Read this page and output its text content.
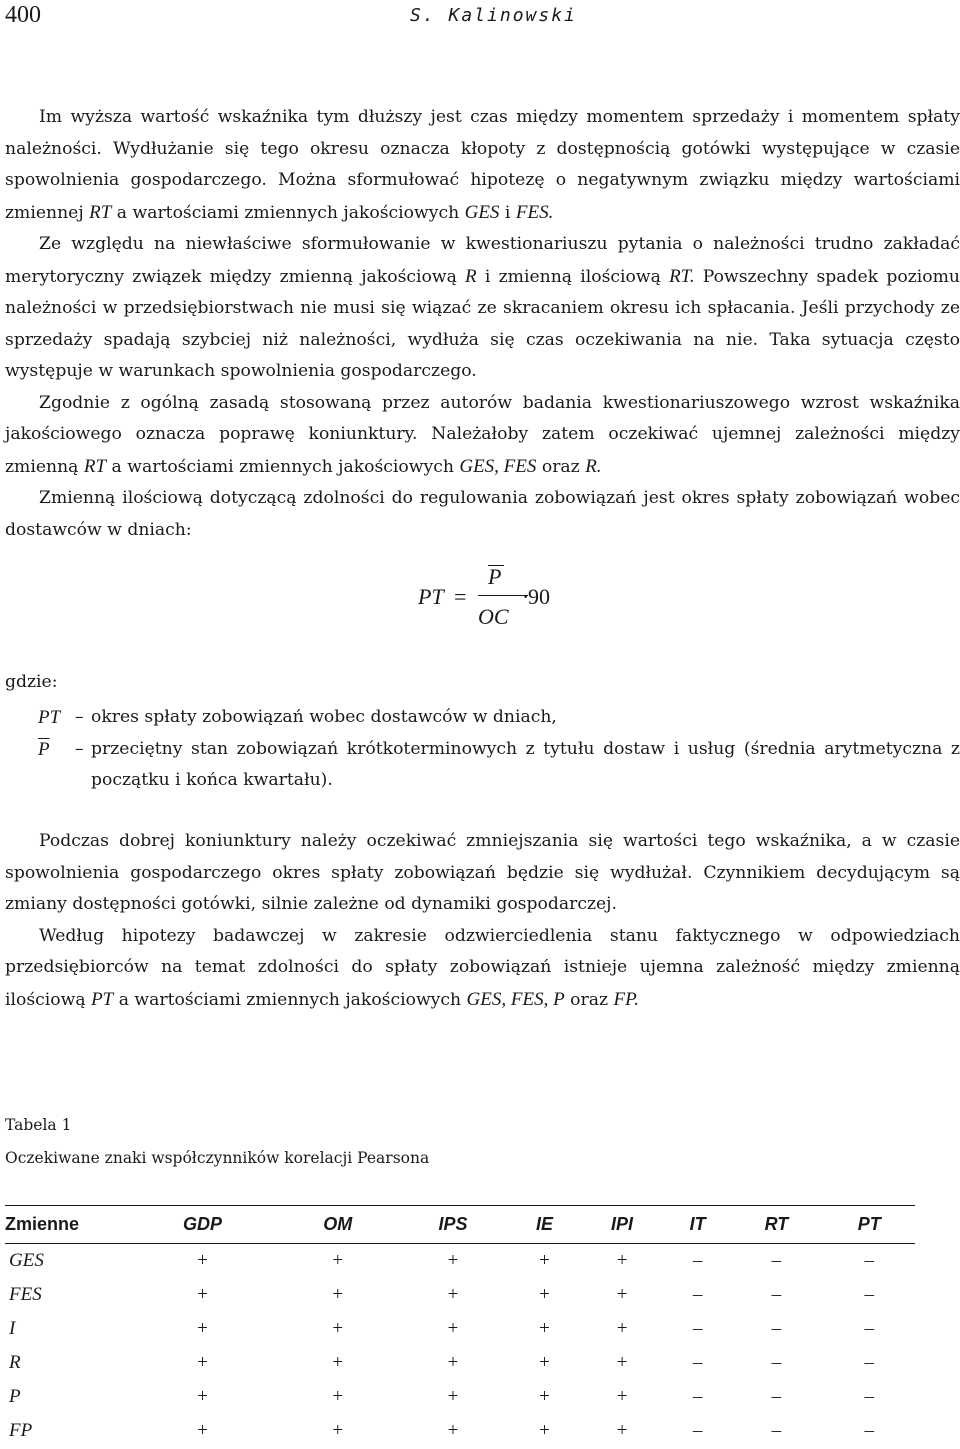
400	S. Kalinowski

Im wyższa wartość wskaźnika tym dłuższy jest czas między momentem sprzedaży i momentem spłaty należności. Wydłużanie się tego okresu oznacza kłopoty z dostępnością gotówki występujące w czasie spowolnienia gospodarczego. Można sformułować hipotezę o negatywnym związku między wartościami zmiennej RT a wartościami zmiennych jakościowych GES i FES.

Ze względu na niewłaściwe sformułowanie w kwestionariuszu pytania o należności trudno zakładać merytoryczny związek między zmienną jakościową R i zmienną ilościową RT. Powszechny spadek poziomu należności w przedsiębiorstwach nie musi się wiązać ze skracaniem okresu ich spłacania. Jeśli przychody ze sprzedaży spadają szybciej niż należności, wydłuża się czas oczekiwania na nie. Taka sytuacja często występuje w warunkach spowolnienia gospodarczego.

Zgodnie z ogólną zasadą stosowaną przez autorów badania kwestionariuszowego wzrost wskaźnika jakościowego oznacza poprawę koniunktury. Należałoby zatem oczekiwać ujemnej zależności między zmienną RT a wartościami zmiennych jakościowych GES, FES oraz R.

Zmienną ilościową dotyczącą zdolności do regulowania zobowiązań jest okres spłaty zobowiązań wobec dostawców w dniach:

PT =
P
OC
·
90
gdzie:
PT – okres spłaty zobowiązań wobec dostawców w dniach,
$\overline{P}$ – przeciętny stan zobowiązań krótkoterminowych z tytułu dostaw i usług (średnia arytmetyczna z początku i końca kwartału).

Podczas dobrej koniunktury należy oczekiwać zmniejszania się wartości tego wskaźnika, a w czasie spowolnienia gospodarczego okres spłaty zobowiązań będzie się wydłużał. Czynnikiem decydującym są zmiany dostępności gotówki, silnie zależne od dynamiki gospodarczej.

Według hipotezy badawczej w zakresie odzwierciedlenia stanu faktycznego w odpowiedziach przedsiębiorców na temat zdolności do spłaty zobowiązań istnieje ujemna zależność między zmienną ilościową PT a wartościami zmiennych jakościowych GES, FES, P oraz FP.

Tabela 1
Oczekiwane znaki współczynników korelacji Pearsona
Zmienne	GDP	OM	IPS	IE	IPI	IT	RT	PT
GES	+	+	+	+	+	–	–	–
FES	+	+	+	+	+	–	–	–
I	+	+	+	+	+	–	–	–
R	+	+	+	+	+	–	–	–
P	+	+	+	+	+	–	–	–
FP	+	+	+	+	+	–	–	–
